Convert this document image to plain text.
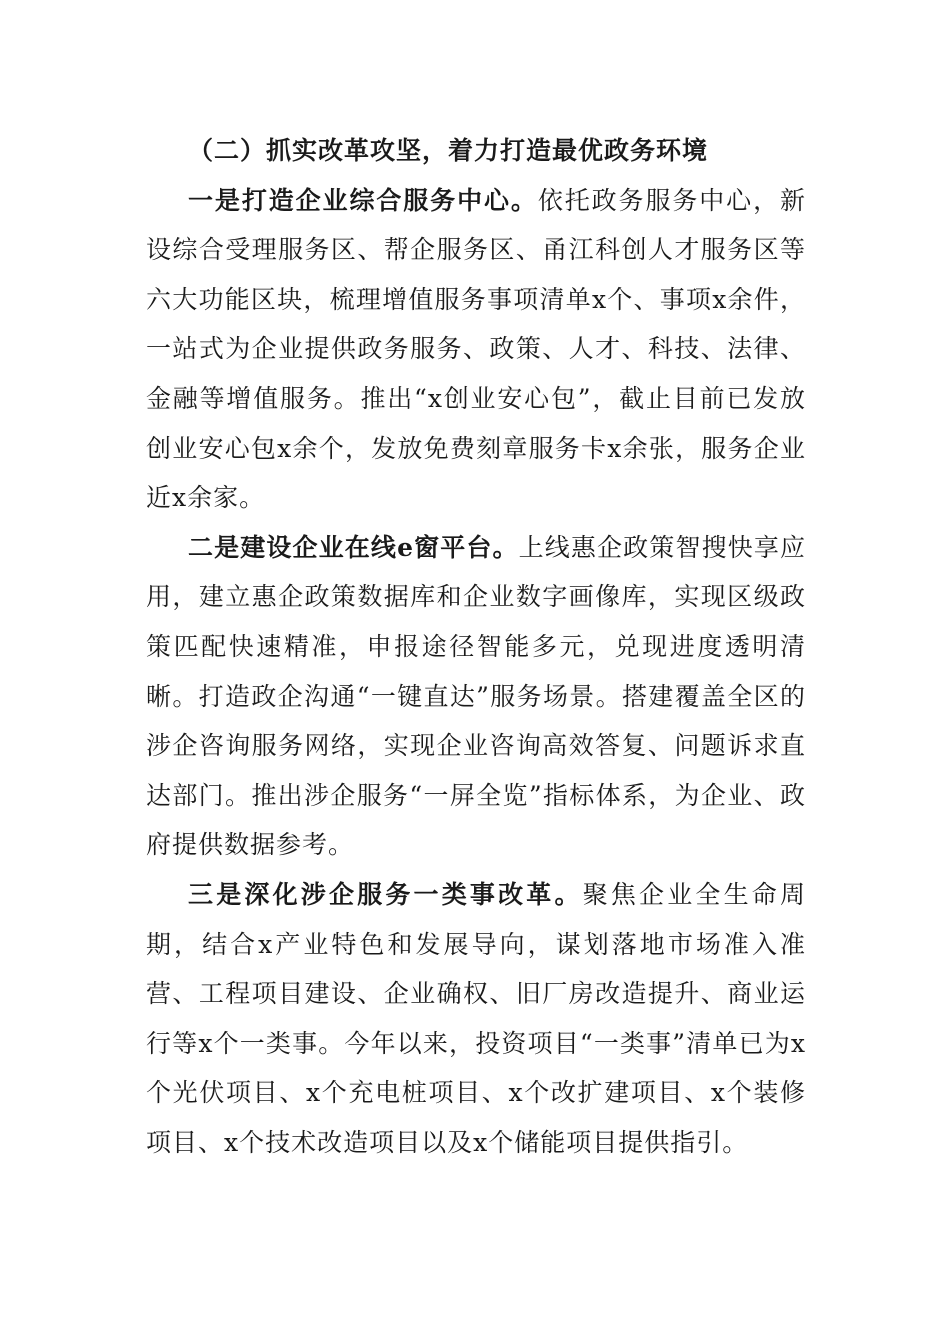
（二）抓实改革攻坚，着力打造最优政务环境

一是打造企业综合服务中心。依托政务服务中心，新设综合受理服务区、帮企服务区、甬江科创人才服务区等六大功能区块，梳理增值服务事项清单x个、事项x余件，一站式为企业提供政务服务、政策、人才、科技、法律、金融等增值服务。推出“x创业安心包”，截止目前已发放创业安心包x余个，发放免费刻章服务卡x余张，服务企业近x余家。

二是建设企业在线e窗平台。上线惠企政策智搜快享应用，建立惠企政策数据库和企业数字画像库，实现区级政策匹配快速精准，申报途径智能多元，兑现进度透明清晰。打造政企沟通“一键直达”服务场景。搭建覆盖全区的涉企咨询服务网络，实现企业咨询高效答复、问题诉求直达部门。推出涉企服务“一屏全览”指标体系，为企业、政府提供数据参考。

三是深化涉企服务一类事改革。聚焦企业全生命周期，结合x产业特色和发展导向，谋划落地市场准入准营、工程项目建设、企业确权、旧厂房改造提升、商业运行等x个一类事。今年以来，投资项目“一类事”清单已为x个光伏项目、x个充电桩项目、x个改扩建项目、x个装修项目、x个技术改造项目以及x个储能项目提供指引。
